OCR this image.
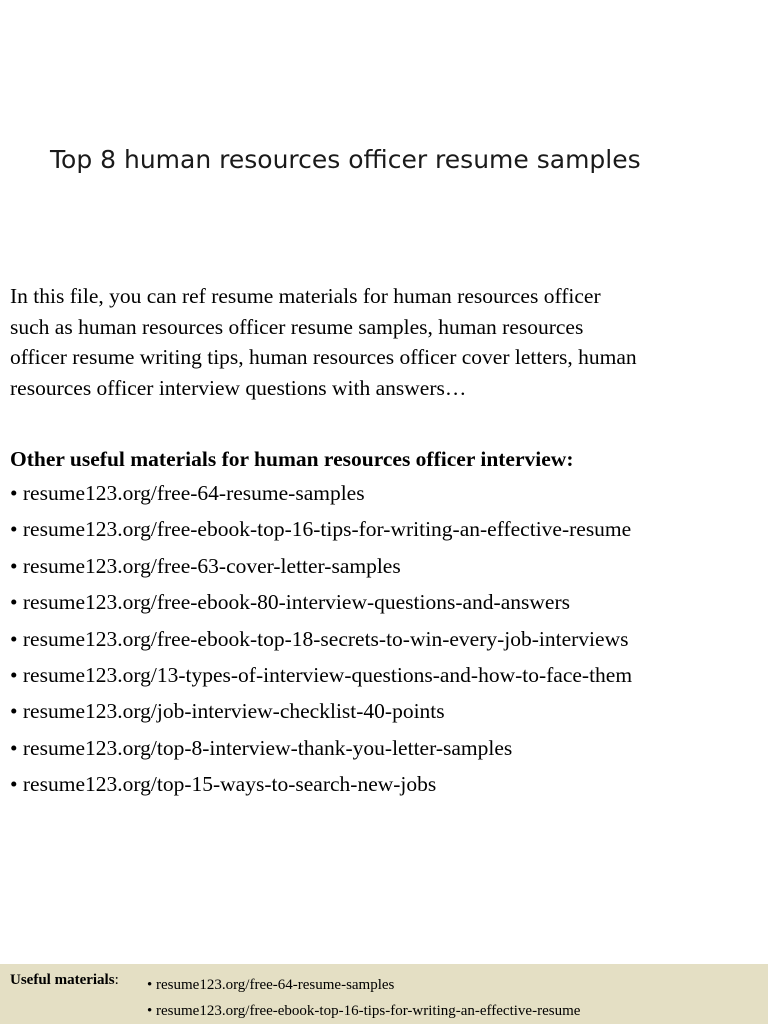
Top 8 human resources officer resume samples
In this file, you can ref resume materials for human resources officer
such as human resources officer resume samples, human resources
officer resume writing tips, human resources officer cover letters, human
resources officer interview questions with answers…
Other useful materials for human resources officer interview:
• resume123.org/free-64-resume-samples
• resume123.org/free-ebook-top-16-tips-for-writing-an-effective-resume
• resume123.org/free-63-cover-letter-samples
• resume123.org/free-ebook-80-interview-questions-and-answers
• resume123.org/free-ebook-top-18-secrets-to-win-every-job-interviews
• resume123.org/13-types-of-interview-questions-and-how-to-face-them
• resume123.org/job-interview-checklist-40-points
• resume123.org/top-8-interview-thank-you-letter-samples
• resume123.org/top-15-ways-to-search-new-jobs
Useful materials: • resume123.org/free-64-resume-samples
• resume123.org/free-ebook-top-16-tips-for-writing-an-effective-resume
